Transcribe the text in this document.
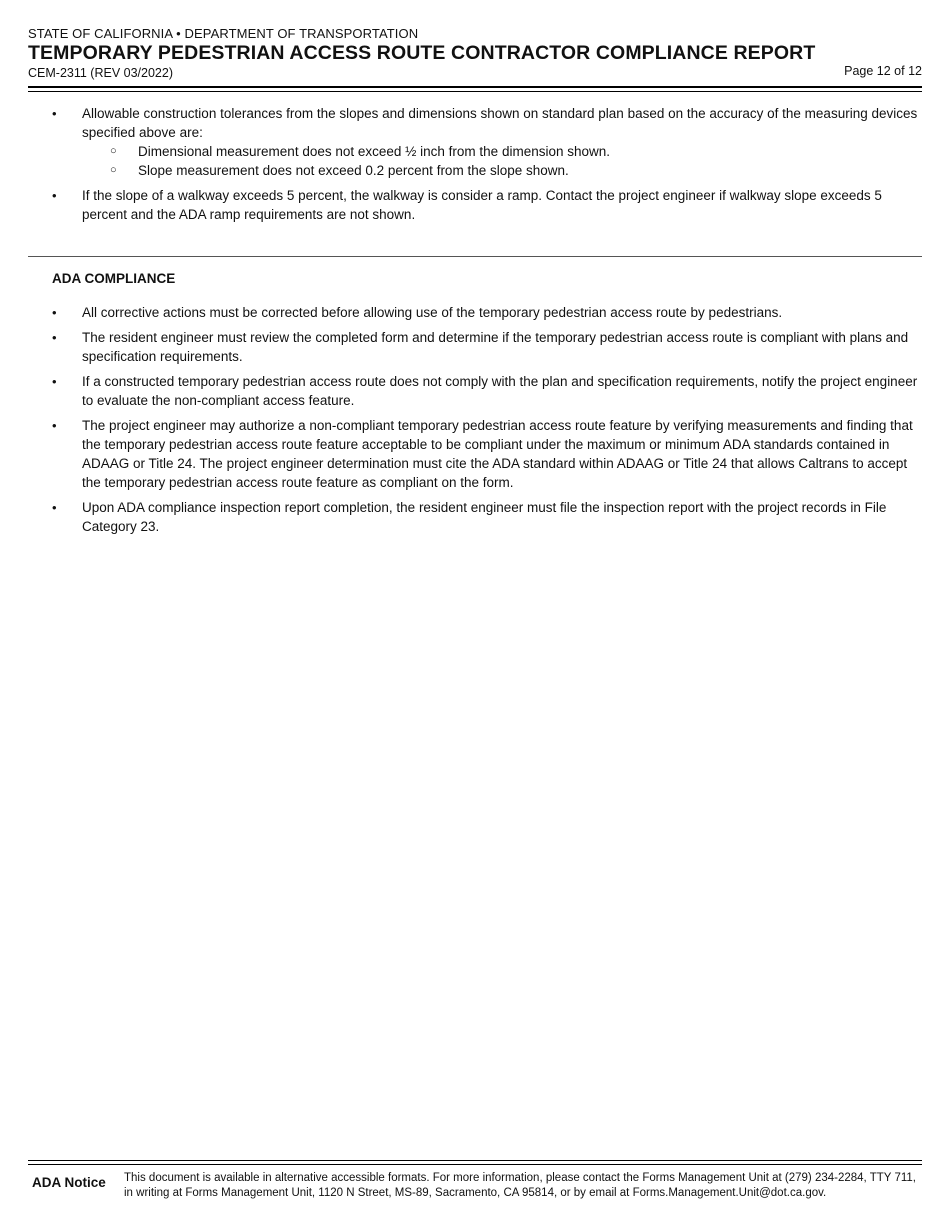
STATE OF CALIFORNIA • DEPARTMENT OF TRANSPORTATION
TEMPORARY PEDESTRIAN ACCESS ROUTE CONTRACTOR COMPLIANCE REPORT
CEM-2311 (REV 03/2022)	Page 12 of 12
• Allowable construction tolerances from the slopes and dimensions shown on standard plan based on the accuracy of the measuring devices specified above are:
○ Dimensional measurement does not exceed ½ inch from the dimension shown.
○ Slope measurement does not exceed 0.2 percent from the slope shown.
• If the slope of a walkway exceeds 5 percent, the walkway is consider a ramp. Contact the project engineer if walkway slope exceeds 5 percent and the ADA ramp requirements are not shown.
ADA COMPLIANCE
• All corrective actions must be corrected before allowing use of the temporary pedestrian access route by pedestrians.
• The resident engineer must review the completed form and determine if the temporary pedestrian access route is compliant with plans and specification requirements.
• If a constructed temporary pedestrian access route does not comply with the plan and specification requirements, notify the project engineer to evaluate the non-compliant access feature.
• The project engineer may authorize a non-compliant temporary pedestrian access route feature by verifying measurements and finding that the temporary pedestrian access route feature acceptable to be compliant under the maximum or minimum ADA standards contained in ADAAG or Title 24. The project engineer determination must cite the ADA standard within ADAAG or Title 24 that allows Caltrans to accept the temporary pedestrian access route feature as compliant on the form.
• Upon ADA compliance inspection report completion, the resident engineer must file the inspection report with the project records in File Category 23.
ADA Notice This document is available in alternative accessible formats. For more information, please contact the Forms Management Unit at (279) 234-2284, TTY 711, in writing at Forms Management Unit, 1120 N Street, MS-89, Sacramento, CA 95814, or by email at Forms.Management.Unit@dot.ca.gov.
